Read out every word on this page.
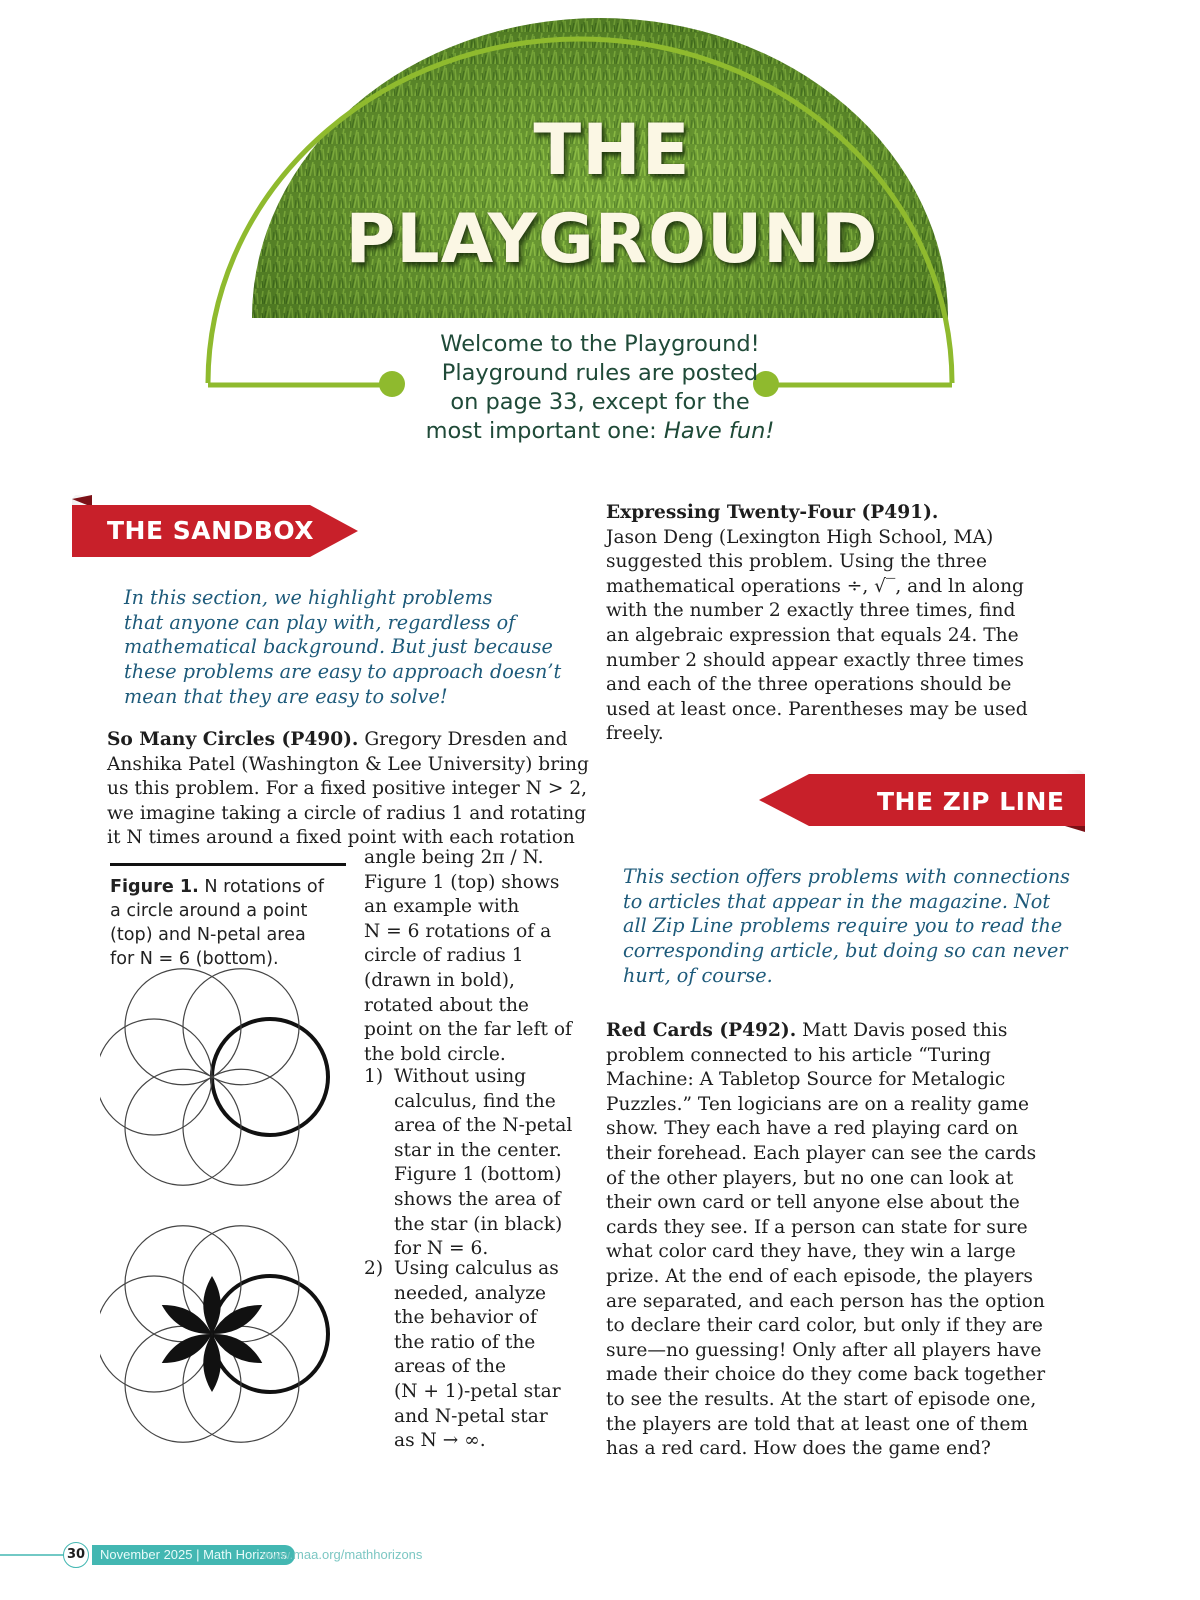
THE
PLAYGROUND
Welcome to the Playground!
Playground rules are posted
on page 33, except for the
most important one: Have fun!
THE SANDBOX
In this section, we highlight problems
that anyone can play with, regardless of
mathematical background. But just because
these problems are easy to approach doesn’t
mean that they are easy to solve!
So Many Circles (P490). Gregory Dresden and
Anshika Patel (Washington & Lee University) bring
us this problem. For a fixed positive integer N > 2,
we imagine taking a circle of radius 1 and rotating
it N times around a fixed point with each rotation
Figure 1. N rotations of
a circle around a point
(top) and N-petal area
for N = 6 (bottom).
angle being 2π / N.
Figure 1 (top) shows
an example with
N = 6 rotations of a
circle of radius 1
(drawn in bold),
rotated about the
point on the far left of
the bold circle.
1) Without using
calculus, find the
area of the N-petal
star in the center.
Figure 1 (bottom)
shows the area of
the star (in black)
for N = 6.
2) Using calculus as
needed, analyze
the behavior of
the ratio of the
areas of the
(N + 1)-petal star
and N-petal star
as N → ∞.
Expressing Twenty-Four (P491).
Jason Deng (Lexington High School, MA)
suggested this problem. Using the three
mathematical operations ÷, √‾, and ln along
with the number 2 exactly three times, find
an algebraic expression that equals 24. The
number 2 should appear exactly three times
and each of the three operations should be
used at least once. Parentheses may be used
freely.
THE ZIP LINE
This section offers problems with connections
to articles that appear in the magazine. Not
all Zip Line problems require you to read the
corresponding article, but doing so can never
hurt, of course.
Red Cards (P492). Matt Davis posed this
problem connected to his article “Turing
Machine: A Tabletop Source for Metalogic
Puzzles.” Ten logicians are on a reality game
show. They each have a red playing card on
their forehead. Each player can see the cards
of the other players, but no one can look at
their own card or tell anyone else about the
cards they see. If a person can state for sure
what color card they have, they win a large
prize. At the end of each episode, the players
are separated, and each person has the option
to declare their card color, but only if they are
sure—no guessing! Only after all players have
made their choice do they come back together
to see the results. At the start of episode one,
the players are told that at least one of them
has a red card. How does the game end?
30	November 2025 | Math Horizons
www.maa.org/mathhorizons
